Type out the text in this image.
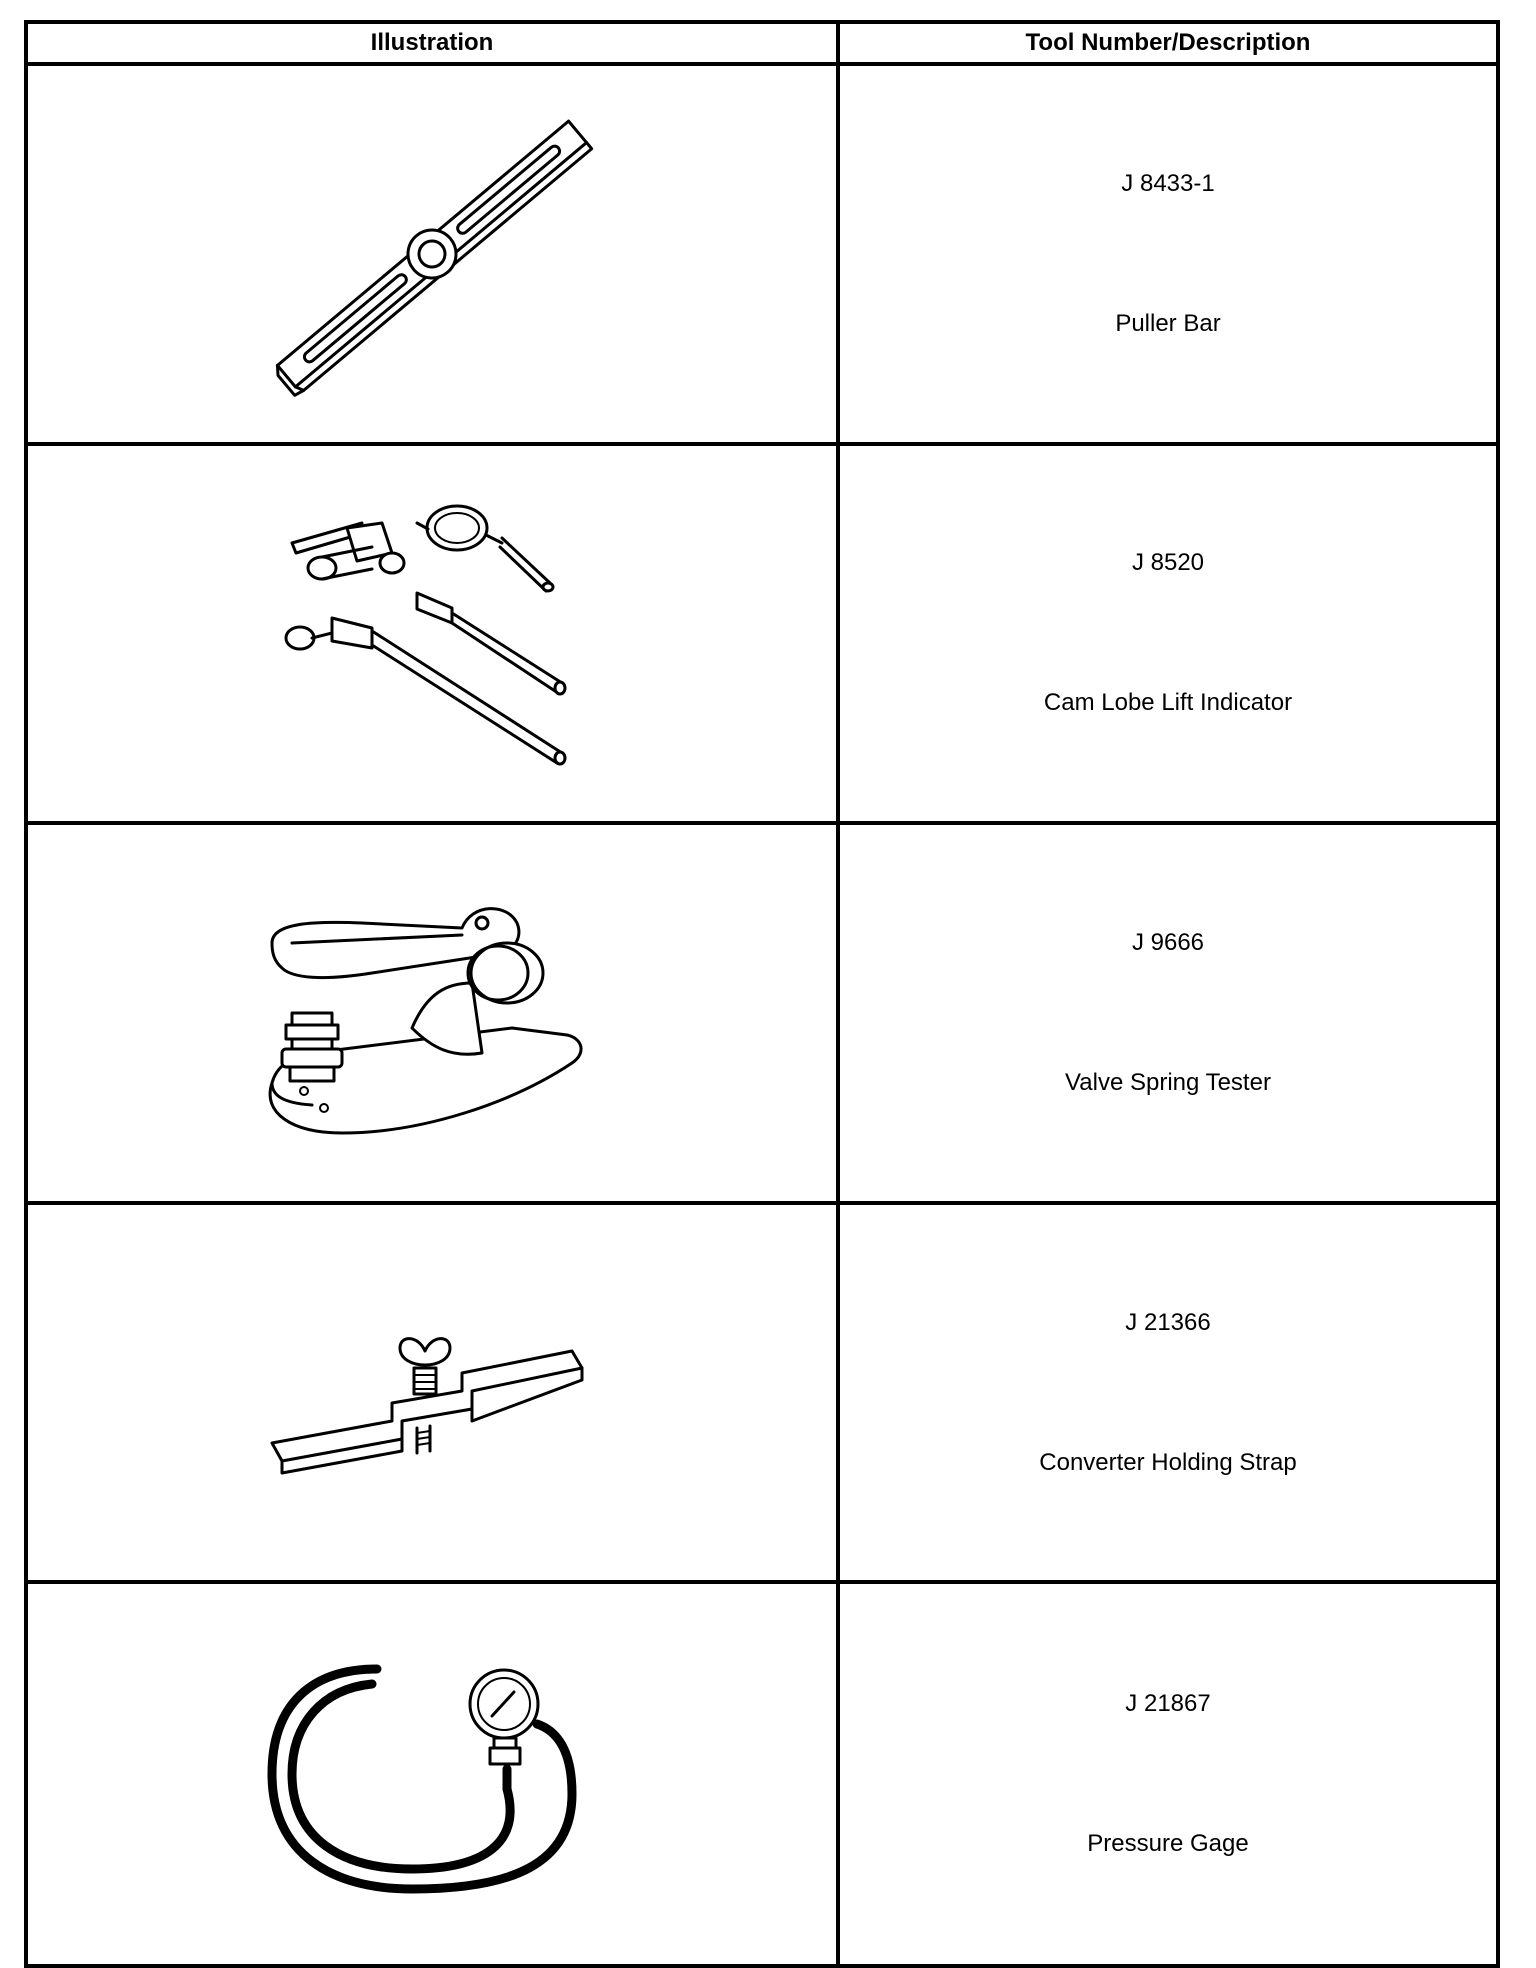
Illustration	Tool Number/Description
J 8433-1
Puller Bar
J 8520
Cam Lobe Lift Indicator
J 9666
Valve Spring Tester
J 21366
Converter Holding Strap
J 21867
Pressure Gage
